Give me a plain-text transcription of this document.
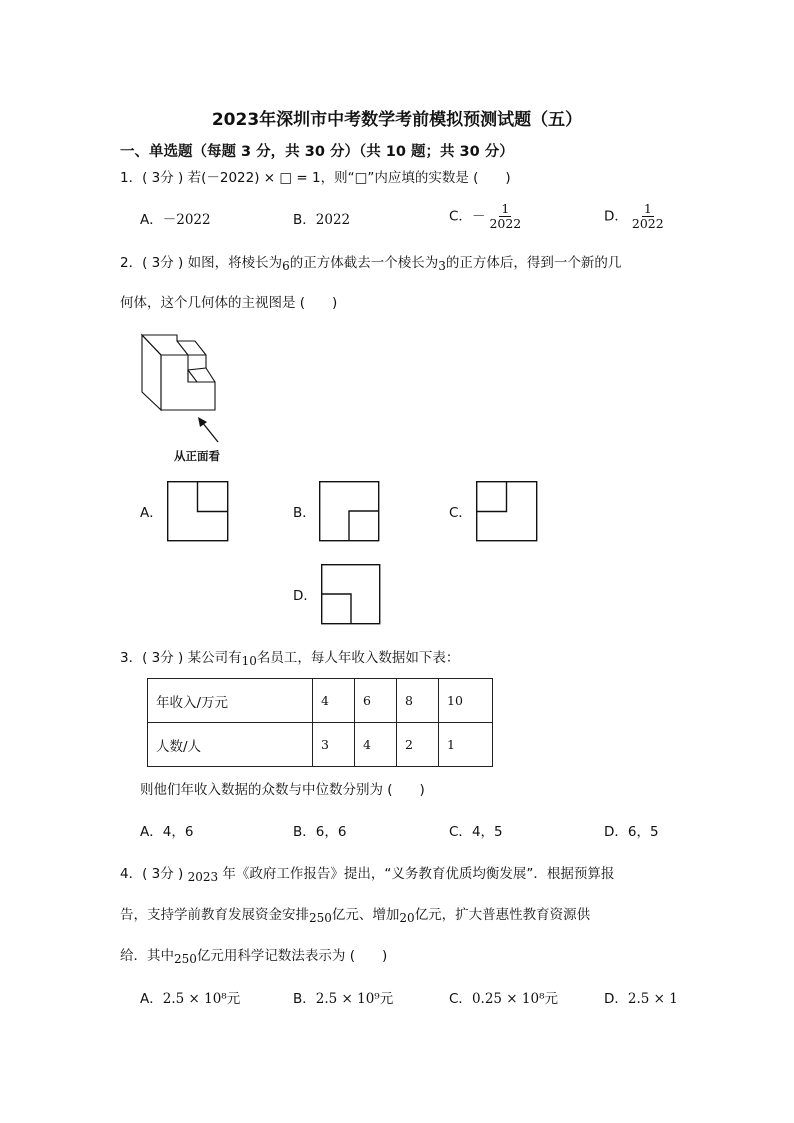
2023年深圳市中考数学考前模拟预测试题（五）
一、单选题（每题 3 分，共 30 分）（共 10 题；共 30 分）
1．( 3分 ) 若(－2022) × □ = 1，则“□”内应填的实数是 (　　)
A．－2022	B．2022	C．－ $\frac{1}{2022}$	D． $\frac{1}{2022}$
2．( 3分 ) 如图，将棱长为6的正方体截去一个棱长为3的正方体后，得到一个新的几
何体，这个几何体的主视图是 (　　)
从正面看
A．	B．	C．
D．
3．( 3分 ) 某公司有10名员工，每人年收入数据如下表：
年收入/万元	4	6	8	10
人数/人	3	4	2	1
则他们年收入数据的众数与中位数分别为 (　　)
A．4，6	B．6，6	C．4，5	D．6，5
4．( 3分 ) 2023 年《政府工作报告》提出，“义务教育优质均衡发展”．根据预算报
告，支持学前教育发展资金安排250亿元、增加20亿元，扩大普惠性教育资源供
给．其中250亿元用科学记数法表示为 (　　)
A．2.5 × 10⁸元	B．2.5 × 10⁹元	C．0.25 × 10⁸元	D．2.5 × 1
